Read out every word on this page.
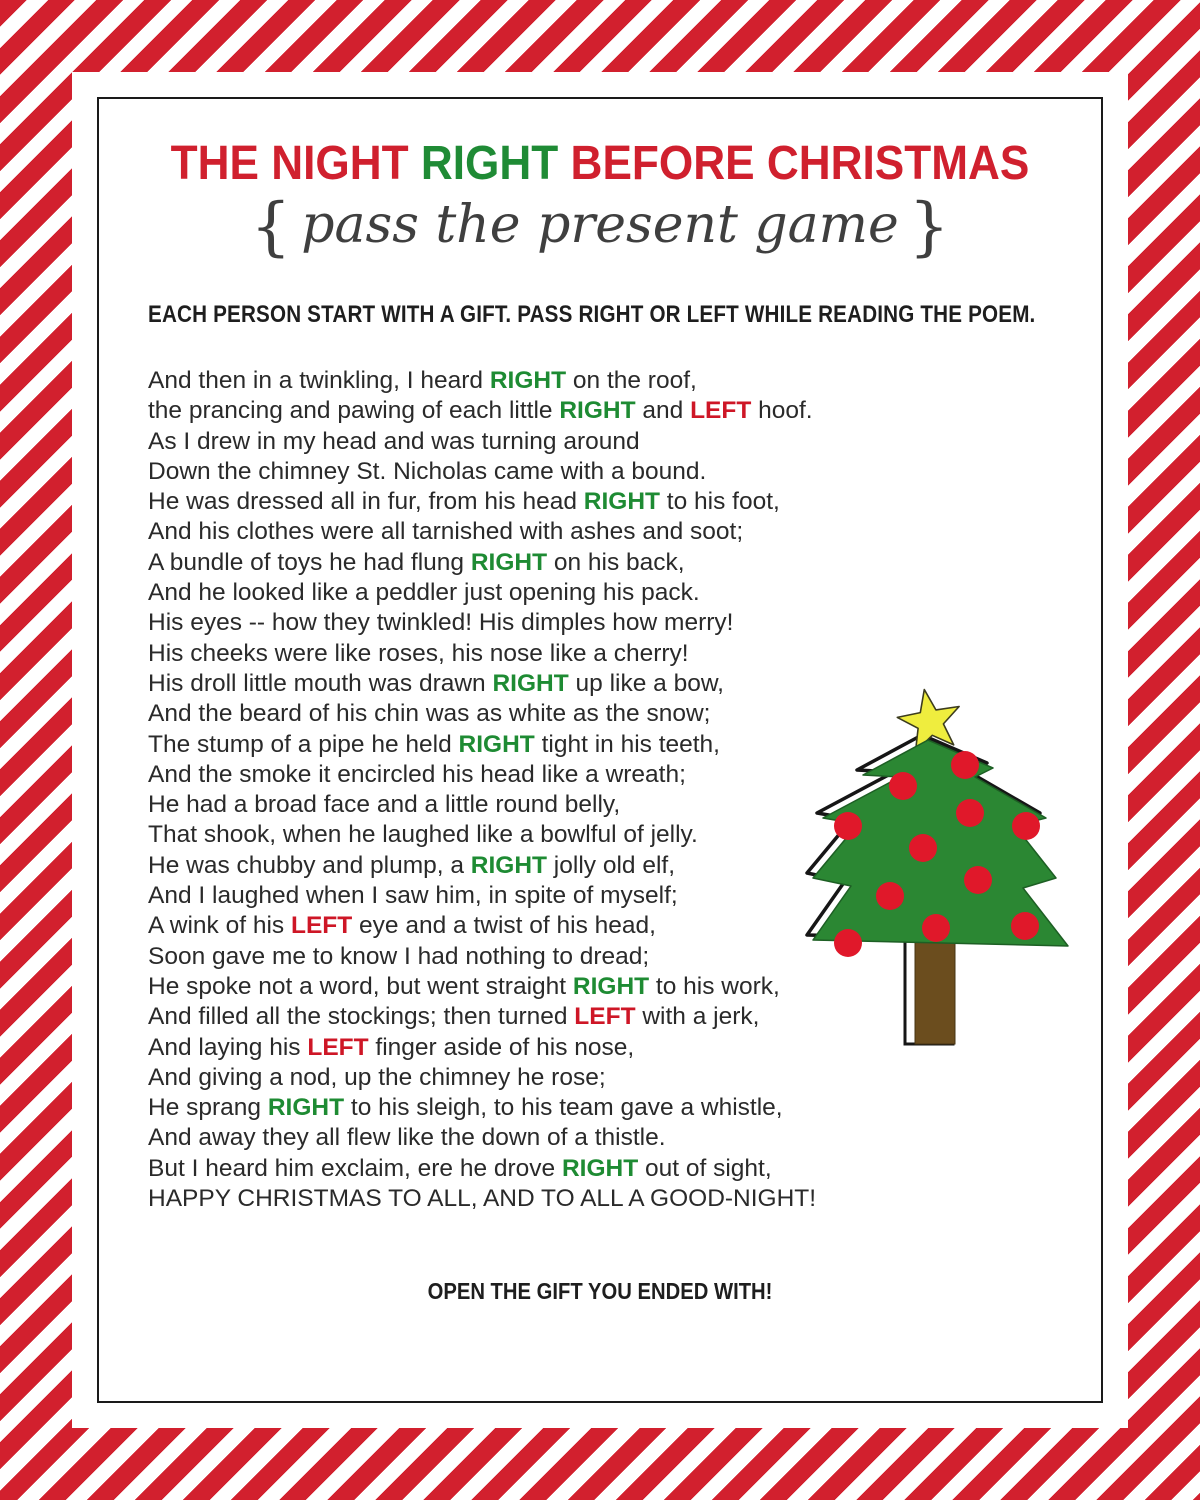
THE NIGHT RIGHT BEFORE CHRISTMAS
{ pass the present game }
EACH PERSON START WITH A GIFT. PASS RIGHT OR LEFT WHILE READING THE POEM.
And then in a twinkling, I heard RIGHT on the roof,
the prancing and pawing of each little RIGHT and LEFT hoof.
As I drew in my head and was turning around
Down the chimney St. Nicholas came with a bound.
He was dressed all in fur, from his head RIGHT to his foot,
And his clothes were all tarnished with ashes and soot;
A bundle of toys he had flung RIGHT on his back,
And he looked like a peddler just opening his pack.
His eyes -- how they twinkled! His dimples how merry!
His cheeks were like roses, his nose like a cherry!
His droll little mouth was drawn RIGHT up like a bow,
And the beard of his chin was as white as the snow;
The stump of a pipe he held RIGHT tight in his teeth,
And the smoke it encircled his head like a wreath;
He had a broad face and a little round belly,
That shook, when he laughed like a bowlful of jelly.
He was chubby and plump, a RIGHT jolly old elf,
And I laughed when I saw him, in spite of myself;
A wink of his LEFT eye and a twist of his head,
Soon gave me to know I had nothing to dread;
He spoke not a word, but went straight RIGHT to his work,
And filled all the stockings; then turned LEFT with a jerk,
And laying his LEFT finger aside of his nose,
And giving a nod, up the chimney he rose;
He sprang RIGHT to his sleigh, to his team gave a whistle,
And away they all flew like the down of a thistle.
But I heard him exclaim, ere he drove RIGHT out of sight,
HAPPY CHRISTMAS TO ALL, AND TO ALL A GOOD-NIGHT!
OPEN THE GIFT YOU ENDED WITH!
